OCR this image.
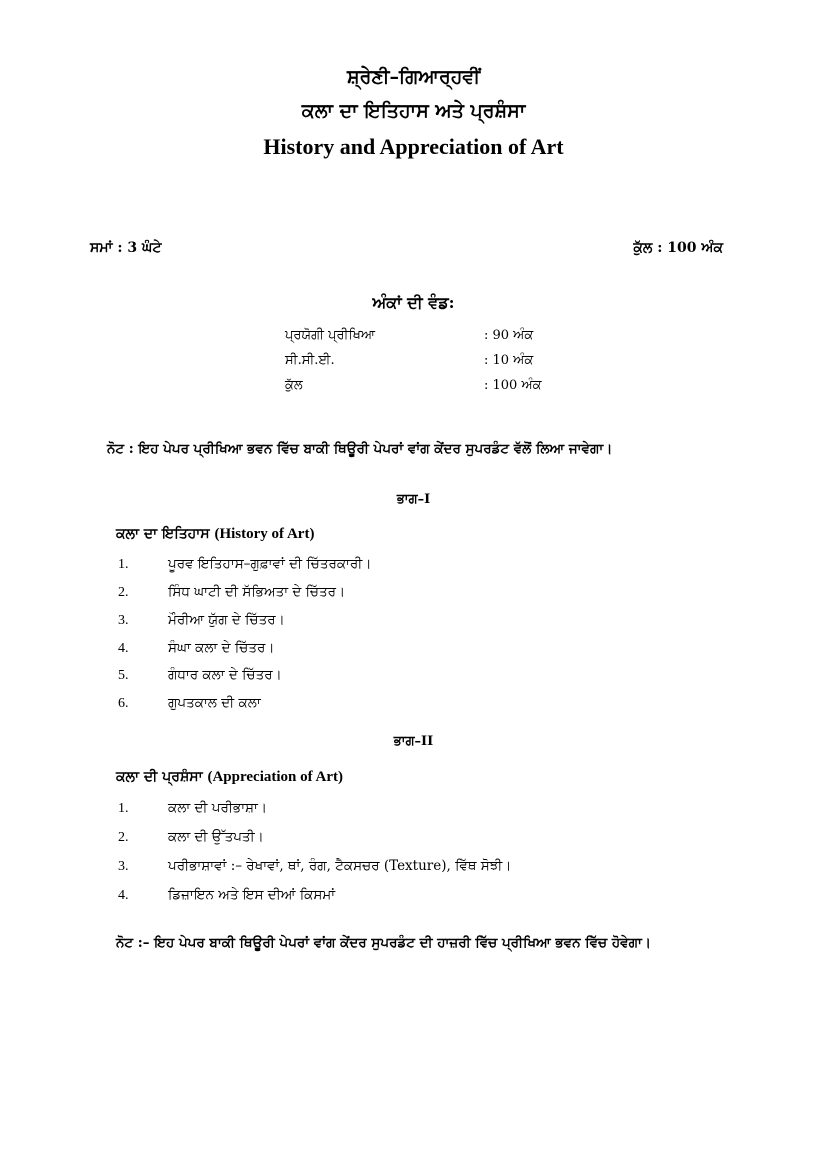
ਸ਼੍ਰੇਣੀ–ਗਿਆਰ੍ਹਵੀਂ
ਕਲਾ ਦਾ ਇਤਿਹਾਸ ਅਤੇ ਪ੍ਰਸ਼ੰਸਾ
History and Appreciation of Art
ਸਮਾਂ : 3 ਘੰਟੇ	ਕੁੱਲ : 100 ਅੰਕ
ਅੰਕਾਂ ਦੀ ਵੰਡ:
ਪ੍ਰਯੋਗੀ ਪ੍ਰੀਖਿਆ	: 90 ਅੰਕ
ਸੀ.ਸੀ.ਈ.	: 10 ਅੰਕ
ਕੁੱਲ	: 100 ਅੰਕ
ਨੋਟ : ਇਹ ਪੇਪਰ ਪ੍ਰੀਖਿਆ ਭਵਨ ਵਿੱਚ ਬਾਕੀ ਥਿਊਰੀ ਪੇਪਰਾਂ ਵਾਂਗ ਕੇਂਦਰ ਸੁਪਰਡੰਟ ਵੱਲੋਂ ਲਿਆ ਜਾਵੇਗਾ।
ਭਾਗ–I
ਕਲਾ ਦਾ ਇਤਿਹਾਸ (History of Art)
1.	ਪੂਰਵ ਇਤਿਹਾਸ–ਗੁਫ਼ਾਵਾਂ ਦੀ ਚਿੱਤਰਕਾਰੀ।
2.	ਸਿੰਧ ਘਾਟੀ ਦੀ ਸੱਭਿਅਤਾ ਦੇ ਚਿੱਤਰ।
3.	ਮੌਰੀਆ ਯੁੱਗ ਦੇ ਚਿੱਤਰ।
4.	ਸੰਘਾ ਕਲਾ ਦੇ ਚਿੱਤਰ।
5.	ਗੰਧਾਰ ਕਲਾ ਦੇ ਚਿੱਤਰ।
6.	ਗੁਪਤਕਾਲ ਦੀ ਕਲਾ
ਭਾਗ–II
ਕਲਾ ਦੀ ਪ੍ਰਸ਼ੰਸਾ (Appreciation of Art)
1.	ਕਲਾ ਦੀ ਪਰੀਭਾਸ਼ਾ।
2.	ਕਲਾ ਦੀ ਉੱਤਪਤੀ।
3.	ਪਰੀਭਾਸ਼ਾਵਾਂ :– ਰੇਖਾਵਾਂ, ਥਾਂ, ਰੰਗ, ਟੈਕਸਚਰ (Texture), ਵਿੱਥ ਸੋਝੀ।
4.	ਡਿਜ਼ਾਇਨ ਅਤੇ ਇਸ ਦੀਆਂ ਕਿਸਮਾਂ
ਨੋਟ :– ਇਹ ਪੇਪਰ ਬਾਕੀ ਥਿਊਰੀ ਪੇਪਰਾਂ ਵਾਂਗ ਕੇਂਦਰ ਸੁਪਰਡੰਟ ਦੀ ਹਾਜ਼ਰੀ ਵਿੱਚ ਪ੍ਰੀਖਿਆ ਭਵਨ ਵਿੱਚ ਹੋਵੇਗਾ।
